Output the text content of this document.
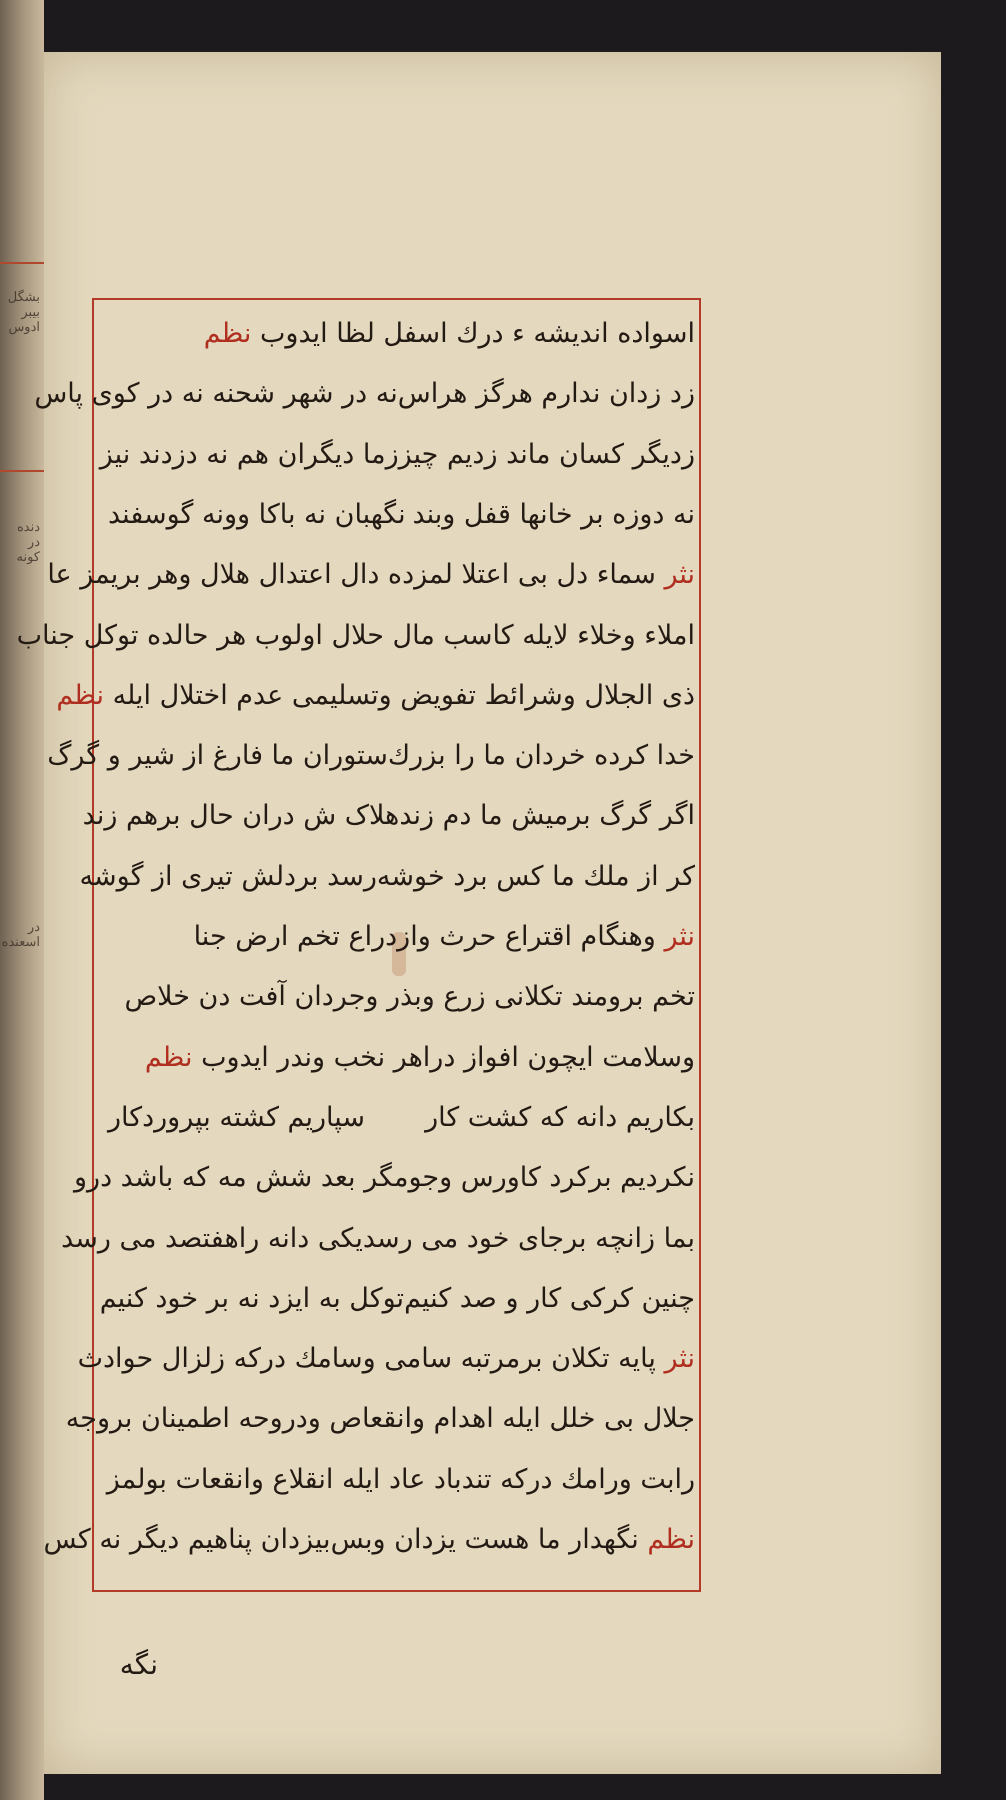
بشگل بیبر ادوس
دنده در کونه
در اسعنده
اسواده اندیشه ء درك اسفل لظا ایدوب نظم
زد زدان ندارم هرگز هراس
نه در شهر شحنه نه در کوی پاس
زدیگر کسان ماند زدیم چیز
زما دیگران هم نه دزدند نیز
نه دوزه بر خانها قفل وبند
نگهبان نه باکا وونه گوسفند
نثر سماء دل بی اعتلا لمزده دال اعتدال هلال وهر بریمز عا
املاء وخلاء لایله کاسب مال حلال اولوب هر حالده توکل جناب
ذی الجلال وشرائط تفویض وتسلیمی عدم اختلال ایله نظم
خدا کرده خردان ما را بزرك
ستوران ما فارغ از شیر و گرگ
اگر گرگ برمیش ما دم زند
هلاک ش دران حال برهم زند
کر از ملك ما کس برد خوشه
رسد بردلش تیری از گوشه
نثر وهنگام اقتراع حرث وازدراع تخم ارض جنا
تخم برومند تکلانی زرع وبذر وجردان آفت دن خلاص
وسلامت ایچون افواز دراهر نخب وندر ایدوب نظم
بکاریم دانه که کشت کار
سپاریم کشته بپروردکار
نکردیم برکرد کاورس وجو
مگر بعد شش مه که باشد درو
بما زانچه برجای خود می رسد
یکی دانه راهفتصد می رسد
چنین کرکی کار و صد کنیم
توکل به ایزد نه بر خود کنیم
نثر پایه تکلان برمرتبه سامی وسامك درکه زلزال حوادث
جلال بی خلل ایله اهدام وانقعاص ودروحه اطمینان بروجه
رابت ورامك درکه تندباد عاد ایله انقلاع وانقعات بولمز
نظم نگهدار ما هست یزدان وبس
بیزدان پناهیم دیگر نه کس
نگه
